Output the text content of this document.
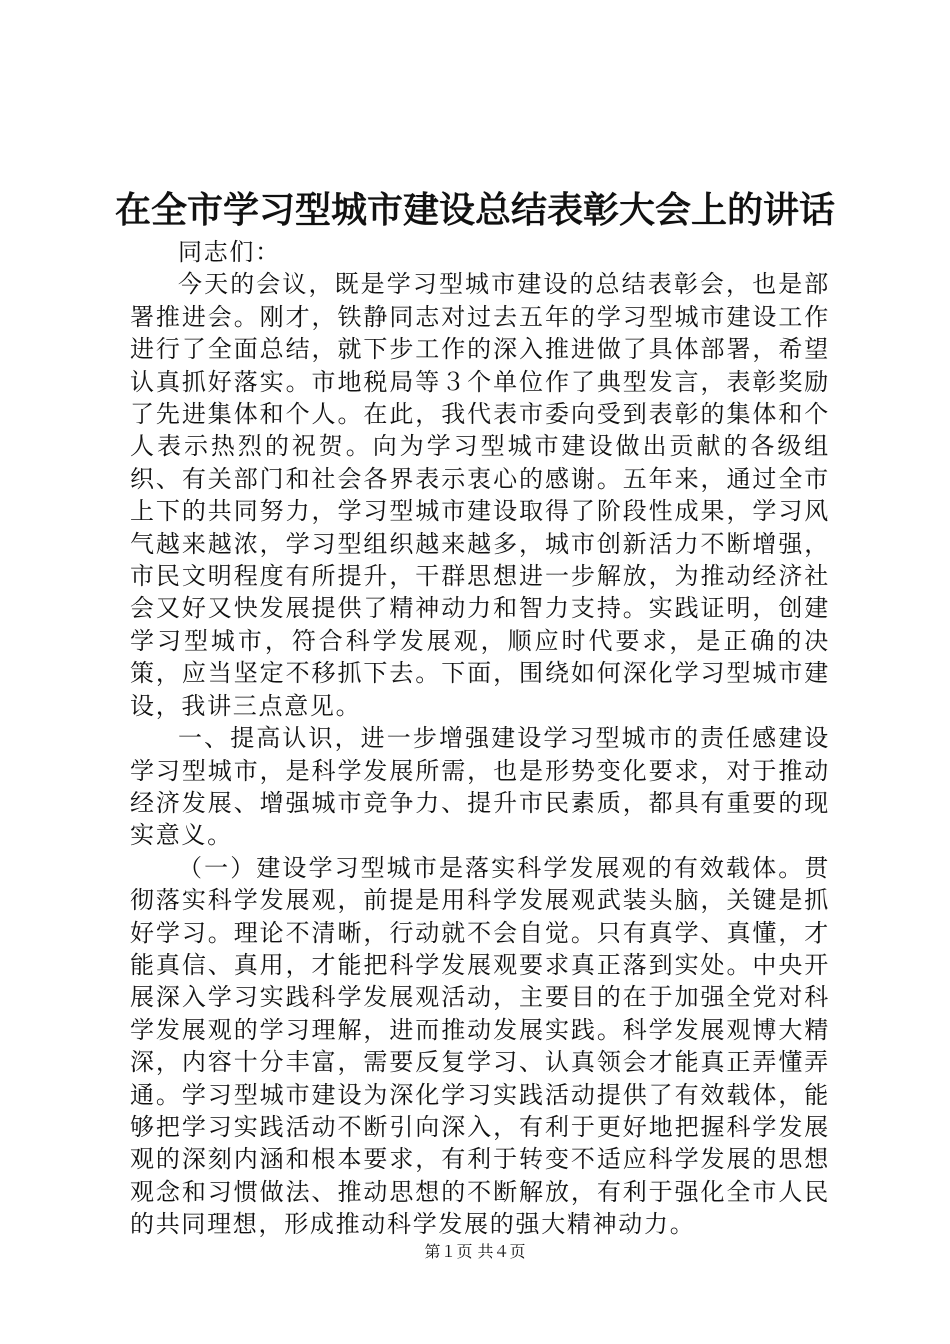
在全市学习型城市建设总结表彰大会上的讲话

同志们：

今天的会议，既是学习型城市建设的总结表彰会，也是部署推进会。刚才，铁静同志对过去五年的学习型城市建设工作进行了全面总结，就下步工作的深入推进做了具体部署，希望认真抓好落实。市地税局等３个单位作了典型发言，表彰奖励了先进集体和个人。在此，我代表市委向受到表彰的集体和个人表示热烈的祝贺。向为学习型城市建设做出贡献的各级组织、有关部门和社会各界表示衷心的感谢。五年来，通过全市上下的共同努力，学习型城市建设取得了阶段性成果，学习风气越来越浓，学习型组织越来越多，城市创新活力不断增强，市民文明程度有所提升，干群思想进一步解放，为推动经济社会又好又快发展提供了精神动力和智力支持。实践证明，创建学习型城市，符合科学发展观，顺应时代要求，是正确的决策，应当坚定不移抓下去。下面，围绕如何深化学习型城市建设，我讲三点意见。

一、提高认识，进一步增强建设学习型城市的责任感建设学习型城市，是科学发展所需，也是形势变化要求，对于推动经济发展、增强城市竞争力、提升市民素质，都具有重要的现实意义。

（一）建设学习型城市是落实科学发展观的有效载体。贯彻落实科学发展观，前提是用科学发展观武装头脑，关键是抓好学习。理论不清晰，行动就不会自觉。只有真学、真懂，才能真信、真用，才能把科学发展观要求真正落到实处。中央开展深入学习实践科学发展观活动，主要目的在于加强全党对科学发展观的学习理解，进而推动发展实践。科学发展观博大精深，内容十分丰富，需要反复学习、认真领会才能真正弄懂弄通。学习型城市建设为深化学习实践活动提供了有效载体，能够把学习实践活动不断引向深入，有利于更好地把握科学发展观的深刻内涵和根本要求，有利于转变不适应科学发展的思想观念和习惯做法、推动思想的不断解放，有利于强化全市人民的共同理想，形成推动科学发展的强大精神动力。

第１页 共４页
